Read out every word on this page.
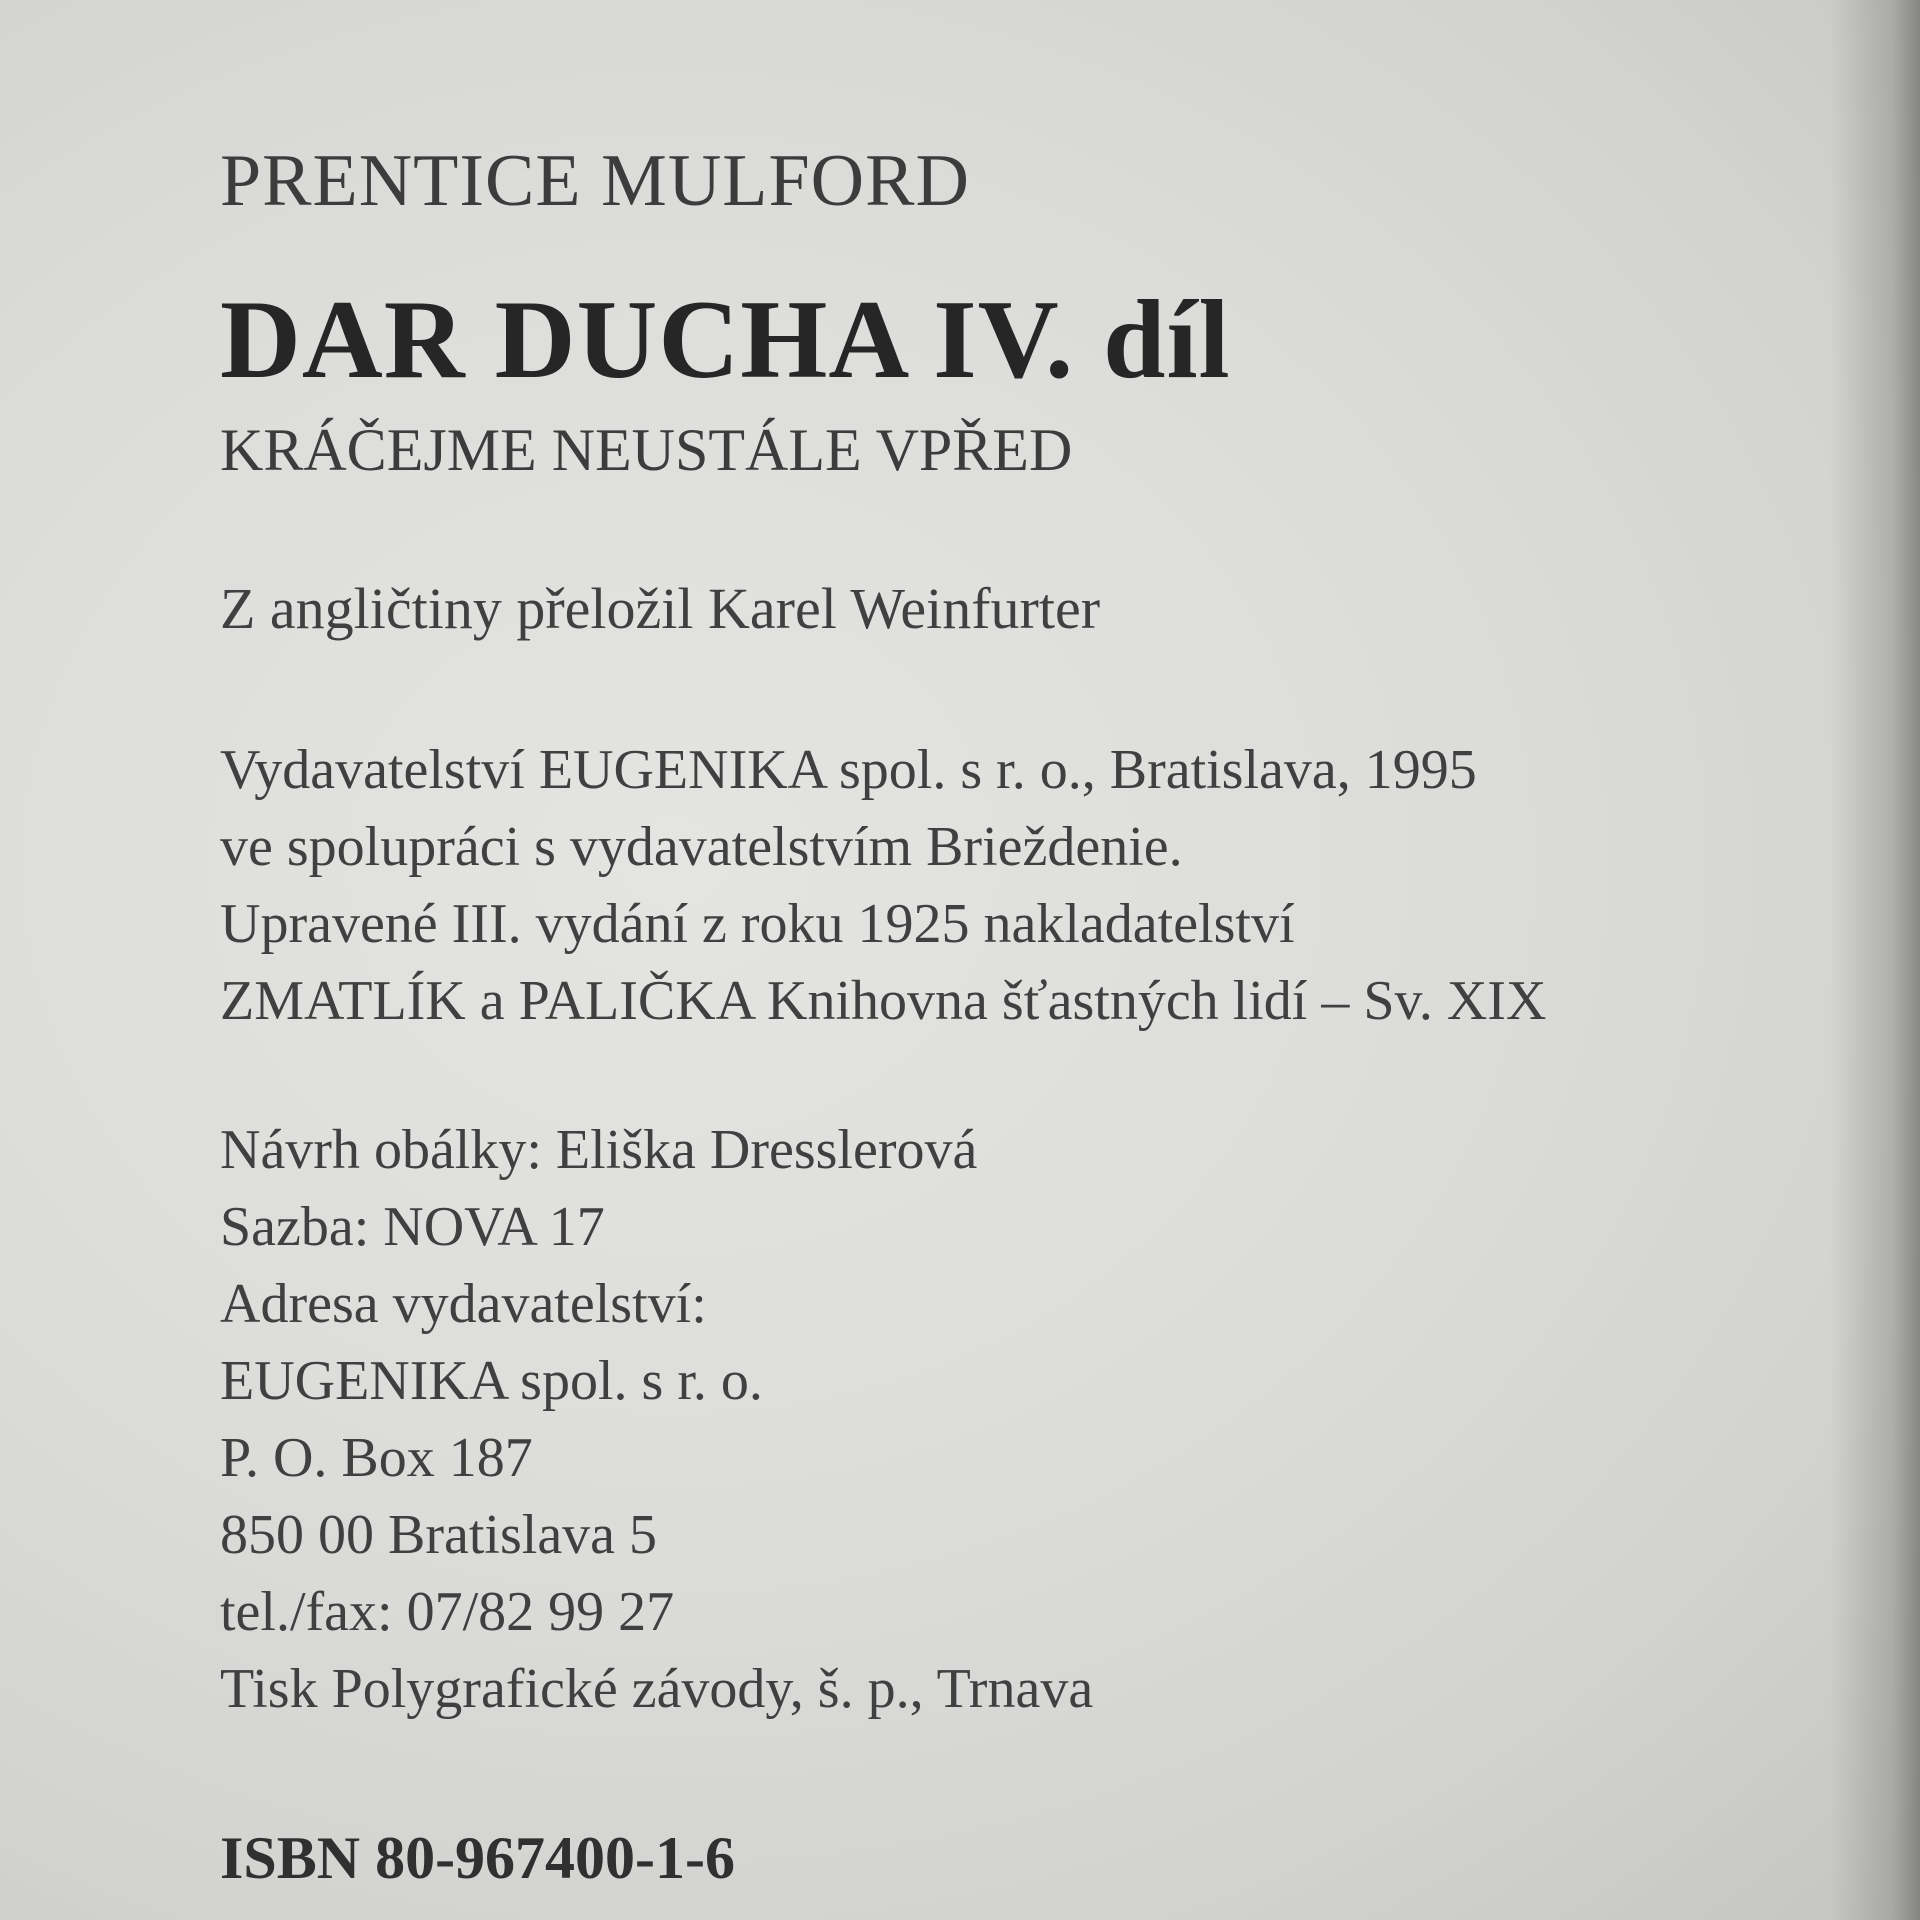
PRENTICE MULFORD
DAR DUCHA IV. díl
KRÁČEJME NEUSTÁLE VPŘED
Z angličtiny přeložil Karel Weinfurter
Vydavatelství EUGENIKA spol. s r. o., Bratislava, 1995
ve spolupráci s vydavatelstvím Brieždenie.
Upravené III. vydání z roku 1925 nakladatelství
ZMATLÍK a PALIČKA Knihovna šťastných lidí – Sv. XIX
Návrh obálky: Eliška Dresslerová
Sazba: NOVA 17
Adresa vydavatelství:
EUGENIKA spol. s r. o.
P. O. Box 187
850 00 Bratislava 5
tel./fax: 07/82 99 27
Tisk Polygrafické závody, š. p., Trnava
ISBN 80-967400-1-6
